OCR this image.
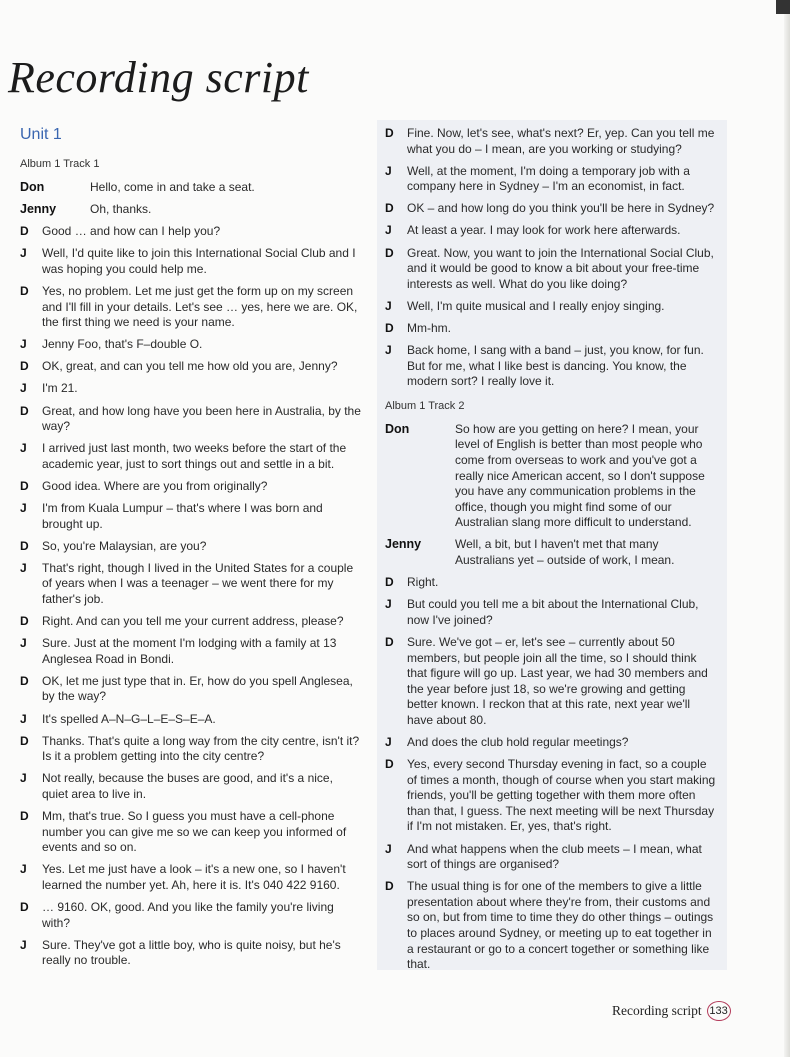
Recording script
Unit 1
Album 1 Track 1
Don	Hello, come in and take a seat.
Jenny	Oh, thanks.
D	Good … and how can I help you?
J	Well, I'd quite like to join this International Social Club and I was hoping you could help me.
D	Yes, no problem. Let me just get the form up on my screen and I'll fill in your details. Let's see … yes, here we are. OK, the first thing we need is your name.
J	Jenny Foo, that's F–double O.
D	OK, great, and can you tell me how old you are, Jenny?
J	I'm 21.
D	Great, and how long have you been here in Australia, by the way?
J	I arrived just last month, two weeks before the start of the academic year, just to sort things out and settle in a bit.
D	Good idea. Where are you from originally?
J	I'm from Kuala Lumpur – that's where I was born and brought up.
D	So, you're Malaysian, are you?
J	That's right, though I lived in the United States for a couple of years when I was a teenager – we went there for my father's job.
D	Right. And can you tell me your current address, please?
J	Sure. Just at the moment I'm lodging with a family at 13 Anglesea Road in Bondi.
D	OK, let me just type that in. Er, how do you spell Anglesea, by the way?
J	It's spelled A–N–G–L–E–S–E–A.
D	Thanks. That's quite a long way from the city centre, isn't it? Is it a problem getting into the city centre?
J	Not really, because the buses are good, and it's a nice, quiet area to live in.
D	Mm, that's true. So I guess you must have a cell-phone number you can give me so we can keep you informed of events and so on.
J	Yes. Let me just have a look – it's a new one, so I haven't learned the number yet. Ah, here it is. It's 040 422 9160.
D	… 9160. OK, good. And you like the family you're living with?
J	Sure. They've got a little boy, who is quite noisy, but he's really no trouble.
D	Fine. Now, let's see, what's next? Er, yep. Can you tell me what you do – I mean, are you working or studying?
J	Well, at the moment, I'm doing a temporary job with a company here in Sydney – I'm an economist, in fact.
D	OK – and how long do you think you'll be here in Sydney?
J	At least a year. I may look for work here afterwards.
D	Great. Now, you want to join the International Social Club, and it would be good to know a bit about your free-time interests as well. What do you like doing?
J	Well, I'm quite musical and I really enjoy singing.
D	Mm-hm.
J	Back home, I sang with a band – just, you know, for fun. But for me, what I like best is dancing. You know, the modern sort? I really love it.
Album 1 Track 2
Don	So how are you getting on here? I mean, your level of English is better than most people who come from overseas to work and you've got a really nice American accent, so I don't suppose you have any communication problems in the office, though you might find some of our Australian slang more difficult to understand.
Jenny	Well, a bit, but I haven't met that many Australians yet – outside of work, I mean.
D	Right.
J	But could you tell me a bit about the International Club, now I've joined?
D	Sure. We've got – er, let's see – currently about 50 members, but people join all the time, so I should think that figure will go up. Last year, we had 30 members and the year before just 18, so we're growing and getting better known. I reckon that at this rate, next year we'll have about 80.
J	And does the club hold regular meetings?
D	Yes, every second Thursday evening in fact, so a couple of times a month, though of course when you start making friends, you'll be getting together with them more often than that, I guess. The next meeting will be next Thursday if I'm not mistaken. Er, yes, that's right.
J	And what happens when the club meets – I mean, what sort of things are organised?
D	The usual thing is for one of the members to give a little presentation about where they're from, their customs and so on, but from time to time they do other things – outings to places around Sydney, or meeting up to eat together in a restaurant or go to a concert together or something like that.
Recording script 133
